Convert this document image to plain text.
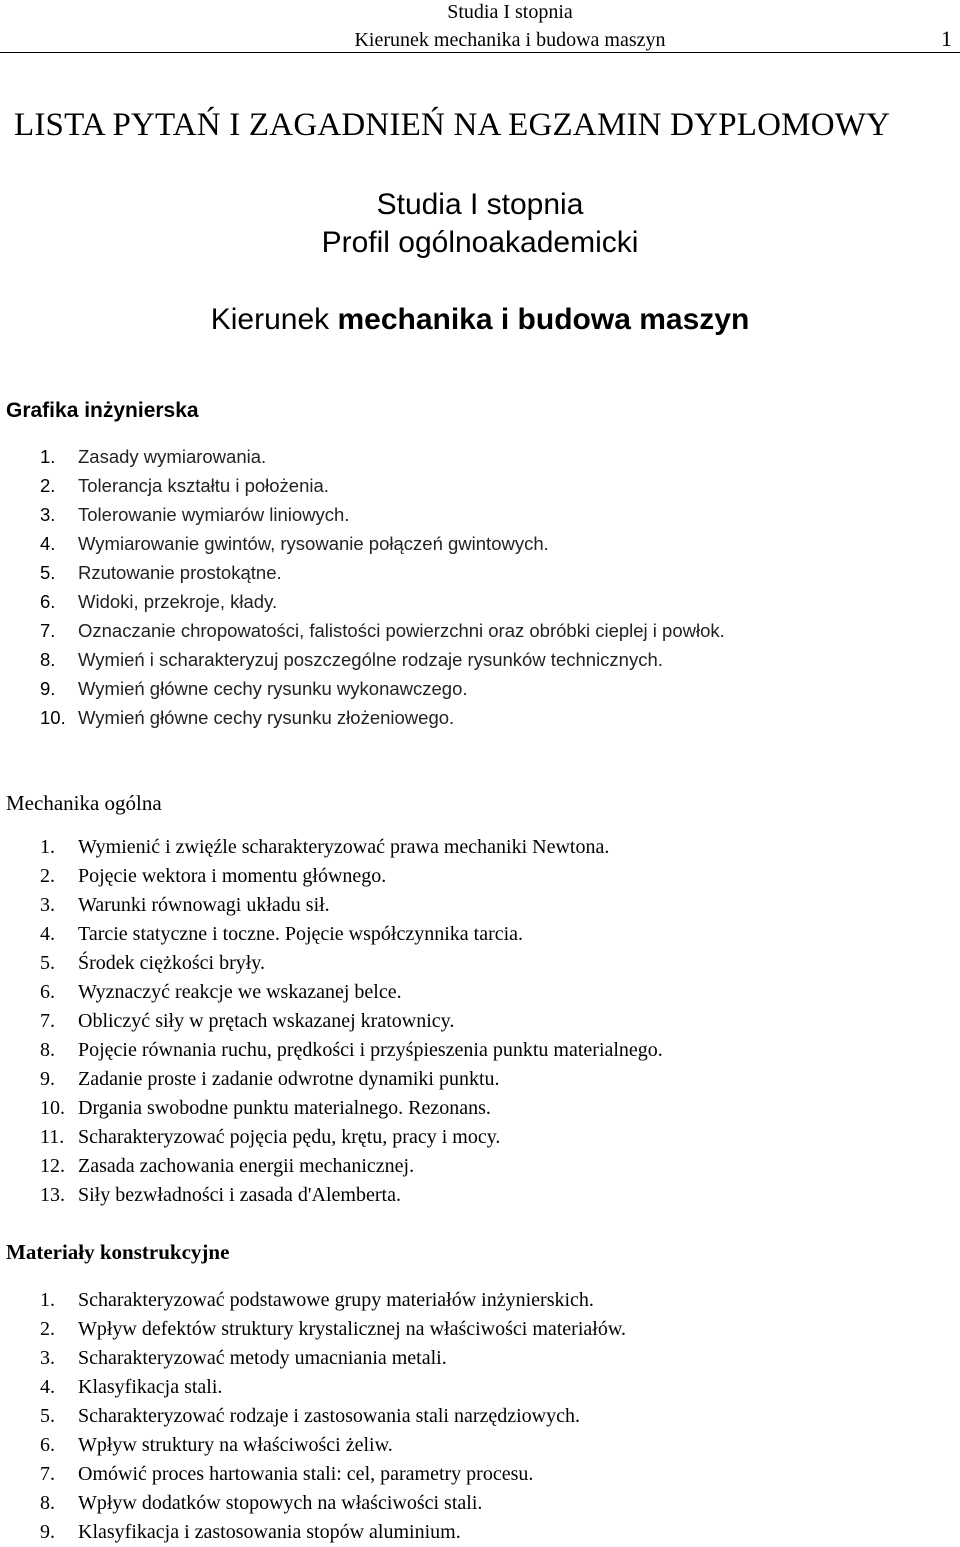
Studia I stopnia
Kierunek mechanika i budowa maszyn	1
LISTA PYTAŃ I ZAGADNIEŃ NA EGZAMIN DYPLOMOWY
Studia I stopnia
Profil ogólnoakademicki
Kierunek mechanika i budowa maszyn
Grafika inżynierska
1. Zasady wymiarowania.
2. Tolerancja kształtu i położenia.
3. Tolerowanie wymiarów liniowych.
4. Wymiarowanie gwintów, rysowanie połączeń gwintowych.
5. Rzutowanie prostokątne.
6. Widoki, przekroje, kłady.
7. Oznaczanie chropowatości, falistości powierzchni oraz obróbki cieplej i powłok.
8. Wymień i scharakteryzuj poszczególne rodzaje rysunków technicznych.
9. Wymień główne cechy rysunku wykonawczego.
10. Wymień główne cechy rysunku złożeniowego.
Mechanika ogólna
1. Wymienić i zwięźle scharakteryzować prawa mechaniki Newtona.
2. Pojęcie wektora i momentu głównego.
3. Warunki równowagi układu sił.
4. Tarcie statyczne i toczne. Pojęcie współczynnika tarcia.
5. Środek ciężkości bryły.
6. Wyznaczyć reakcje we wskazanej belce.
7. Obliczyć siły w prętach wskazanej kratownicy.
8. Pojęcie równania ruchu, prędkości i przyśpieszenia punktu materialnego.
9. Zadanie proste i zadanie odwrotne dynamiki punktu.
10. Drgania swobodne punktu materialnego. Rezonans.
11. Scharakteryzować pojęcia pędu, krętu, pracy i mocy.
12. Zasada zachowania energii mechanicznej.
13. Siły bezwładności i zasada d'Alemberta.
Materiały konstrukcyjne
1. Scharakteryzować podstawowe grupy materiałów inżynierskich.
2. Wpływ defektów struktury krystalicznej na właściwości materiałów.
3. Scharakteryzować metody umacniania metali.
4. Klasyfikacja stali.
5. Scharakteryzować rodzaje i zastosowania stali narzędziowych.
6. Wpływ struktury na właściwości żeliw.
7. Omówić proces hartowania stali: cel, parametry procesu.
8. Wpływ dodatków stopowych na właściwości stali.
9. Klasyfikacja i zastosowania stopów aluminium.
